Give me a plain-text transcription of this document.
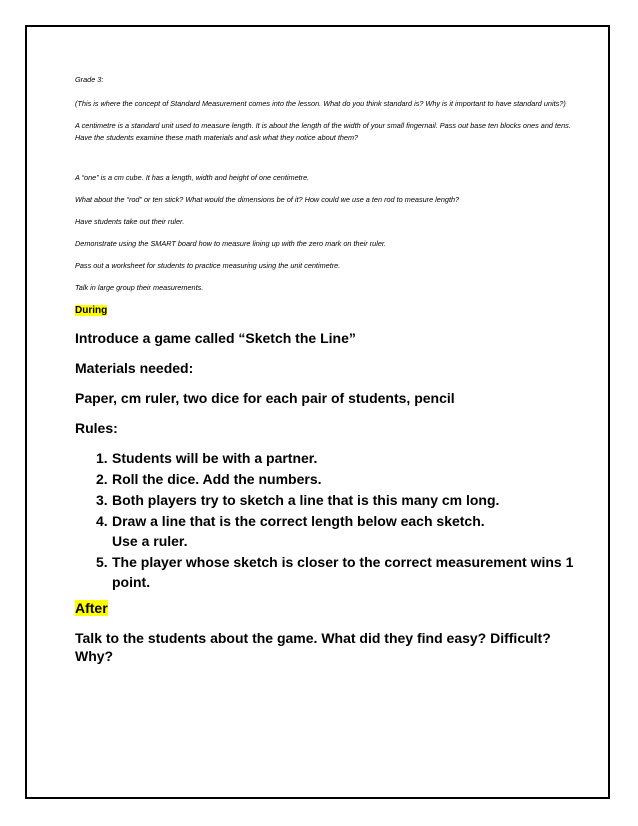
Grade 3:

(This is where the concept of Standard Measurement comes into the lesson. What do you think standard is? Why is it important to have standard units?)

A centimetre is a standard unit used to measure length. It is about the length of the width of your small fingernail. Pass out base ten blocks ones and tens. Have the students examine these math materials and ask what they notice about them?

A “one” is a cm cube. It has a length, width and height of one centimetre.

What about the “rod” or ten stick? What would the dimensions be of it? How could we use a ten rod to measure length?

Have students take out their ruler.

Demonstrate using the SMART board how to measure lining up with the zero mark on their ruler.

Pass out a worksheet for students to practice measuring using the unit centimetre.

Talk in large group their measurements.

During

Introduce a game called “Sketch the Line”

Materials needed:

Paper, cm ruler, two dice for each pair of students, pencil

Rules:

1. Students will be with a partner.
2. Roll the dice. Add the numbers.
3. Both players try to sketch a line that is this many cm long.
4. Draw a line that is the correct length below each sketch.
Use a ruler.
5. The player whose sketch is closer to the correct measurement wins 1
point.

After

Talk to the students about the game. What did they find easy? Difficult? Why?
